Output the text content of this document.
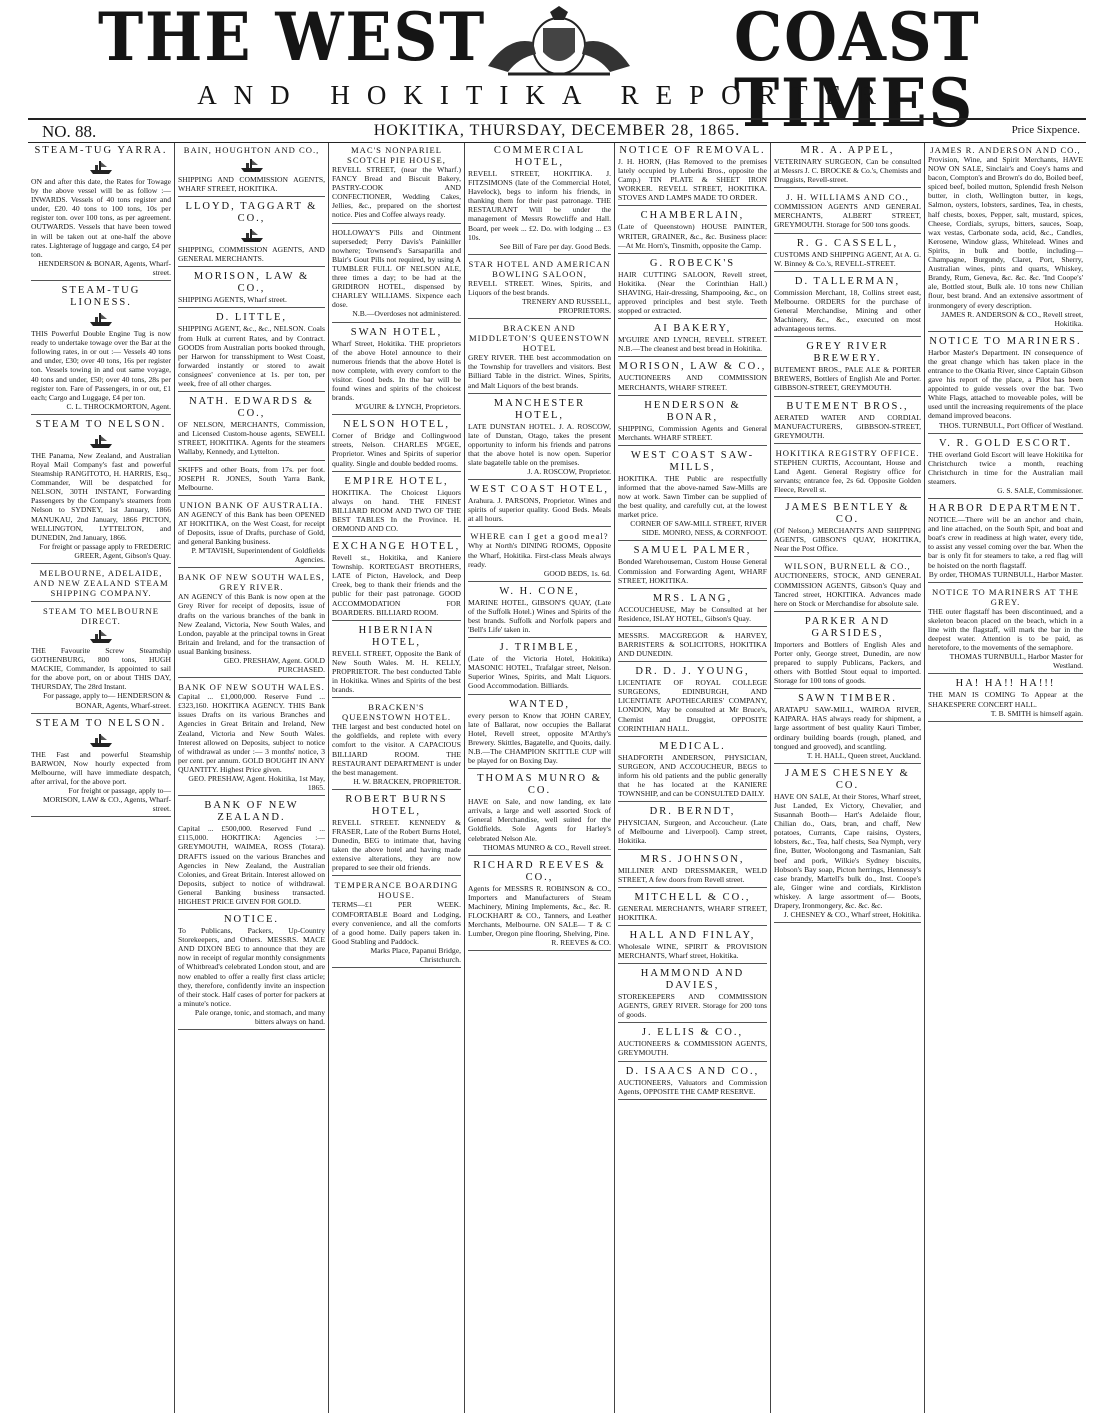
THE WEST	COAST TIMES
AND HOKITIKA REPORTER.
NO. 88.	HOKITIKA, THURSDAY, DECEMBER 28, 1865.	Price Sixpence.
STEAM-TUG YARRA.

ON and after this date, the Rates for Towage by the above vessel will be as follow :— INWARDS. Vessels of 40 tons register and under, £20. 40 tons to 100 tons, 10s per register ton. over 100 tons, as per agreement. OUTWARDS. Vessels that have been towed in will be taken out at one-half the above rates. Lighterage of luggage and cargo, £4 per ton.

HENDERSON & BONAR, Agents, Wharf-street.

STEAM-TUG LIONESS.

THIS Powerful Double Engine Tug is now ready to undertake towage over the Bar at the following rates, in or out :— Vessels 40 tons and under, £30; over 40 tons, 16s per register ton. Vessels towing in and out same voyage, 40 tons and under, £50; over 40 tons, 28s per register ton. Fare of Passengers, in or out, £1 each; Cargo and Luggage, £4 per ton.

C. L. THROCKMORTON, Agent.

STEAM TO NELSON.

THE Panama, New Zealand, and Australian Royal Mail Company's fast and powerful Steamship RANGITOTO, H. HARRIS, Esq., Commander, Will be despatched for NELSON, 30TH INSTANT, Forwarding Passengers by the Company's steamers from Nelson to SYDNEY, 1st January, 1866 MANUKAU, 2nd January, 1866 PICTON, WELLINGTON, LYTTELTON, and DUNEDIN, 2nd January, 1866.

For freight or passage apply to FREDERIC GREER, Agent, Gibson's Quay.

MELBOURNE, ADELAIDE, AND NEW ZEALAND STEAM SHIPPING COMPANY.
STEAM TO MELBOURNE DIRECT.

THE Favourite Screw Steamship GOTHENBURG, 800 tons, HUGH MACKIE, Commander, Is appointed to sail for the above port, on or about THIS DAY, THURSDAY, The 28rd Instant.

For passage, apply to— HENDERSON & BONAR, Agents, Wharf-street.

STEAM TO NELSON.

THE Fast and powerful Steamship BARWON, Now hourly expected from Melbourne, will have immediate despatch, after arrival, for the above port.

For freight or passage, apply to— MORISON, LAW & CO., Agents, Wharf-street.

BAIN, HOUGHTON AND CO.,

SHIPPING AND COMMISSION AGENTS, WHARF STREET, HOKITIKA.

LLOYD, TAGGART & CO.,

SHIPPING, COMMISSION AGENTS, AND GENERAL MERCHANTS.

MORISON, LAW & CO.,

SHIPPING AGENTS, Wharf street.

D. LITTLE,

SHIPPING AGENT, &c., &c., NELSON. Coals from Hulk at current Rates, and by Contract. GOODS from Australian ports booked through, per Harwon for transshipment to West Coast, forwarded instantly or stored to await consignees' convenience at 1s. per ton, per week, free of all other charges.

NATH. EDWARDS & CO.,

OF NELSON, MERCHANTS, Commission, and Licensed Custom-house agents, SEWELL STREET, HOKITIKA. Agents for the steamers Wallaby, Kennedy, and Lyttelton.

SKIFFS and other Boats, from 17s. per foot. JOSEPH R. JONES, South Yarra Bank, Melbourne.

UNION BANK OF AUSTRALIA.

AN AGENCY of this Bank has been OPENED AT HOKITIKA, on the West Coast, for receipt of Deposits, issue of Drafts, purchase of Gold, and general Banking business.

P. M'TAVISH, Superintendent of Goldfields Agencies.

BANK OF NEW SOUTH WALES, GREY RIVER.

AN AGENCY of this Bank is now open at the Grey River for receipt of deposits, issue of drafts on the various branches of the bank in New Zealand, Victoria, New South Wales, and London, payable at the principal towns in Great Britain and Ireland, and for the transaction of usual Banking business.

GEO. PRESHAW, Agent. GOLD PURCHASED.

BANK OF NEW SOUTH WALES.

Capital ... £1,000,000. Reserve Fund ... £323,160. HOKITIKA AGENCY. THIS Bank issues Drafts on its various Branches and Agencies in Great Britain and Ireland, New Zealand, Victoria and New South Wales. Interest allowed on Deposits, subject to notice of withdrawal as under :— 3 months' notice, 3 per cent. per annum. GOLD BOUGHT IN ANY QUANTITY. Highest Price given.

GEO. PRESHAW, Agent. Hokitika, 1st May, 1865.

BANK OF NEW ZEALAND.

Capital ... £500,000. Reserved Fund ... £115,000. HOKITIKA: Agencies :—GREYMOUTH, WAIMEA, ROSS (Totara). DRAFTS issued on the various Branches and Agencies in New Zealand, the Australian Colonies, and Great Britain. Interest allowed on Deposits, subject to notice of withdrawal. General Banking business transacted. HIGHEST PRICE GIVEN FOR GOLD.

NOTICE.

To Publicans, Packers, Up-Country Storekeepers, and Others. MESSRS. MACE AND DIXON BEG to announce that they are now in receipt of regular monthly consignments of Whitbread's celebrated London stout, and are now enabled to offer a really first class article; they, therefore, confidently invite an inspection of their stock. Half cases of porter for packers at a minute's notice.

Pale orange, tonic, and stomach, and many bitters always on hand.

MAC'S NONPARIEL SCOTCH PIE HOUSE,

REVELL STREET, (near the Wharf.) FANCY Bread and Biscuit Bakery, PASTRY-COOK AND CONFECTIONER, Wedding Cakes, Jellies, &c., prepared on the shortest notice. Pies and Coffee always ready.

HOLLOWAY'S Pills and Ointment superseded; Perry Davis's Painkiller nowhere; Townsend's Sarsaparilla and Blair's Gout Pills not required, by using A TUMBLER FULL OF NELSON ALE, three times a day; to be had at the GRIDIRON HOTEL, dispensed by CHARLEY WILLIAMS. Sixpence each dose.

N.B.—Overdoses not administered.

SWAN HOTEL,

Wharf Street, Hokitika. THE proprietors of the above Hotel announce to their numerous friends that the above Hotel is now complete, with every comfort to the visitor. Good beds. In the bar will be found wines and spirits of the choicest brands.

M'GUIRE & LYNCH, Proprietors.

NELSON HOTEL,

Corner of Bridge and Collingwood streets, Nelson. CHARLES M'GEE, Proprietor. Wines and Spirits of superior quality. Single and double bedded rooms.

EMPIRE HOTEL,

HOKITIKA. The Choicest Liquors always on hand. THE FINEST BILLIARD ROOM AND TWO OF THE BEST TABLES In the Province. H. ORMOND AND CO.

EXCHANGE HOTEL,

Revell st., Hokitika, and Kaniere Township. KORTEGAST BROTHERS, LATE of Picton, Havelock, and Deep Creek, beg to thank their friends and the public for their past patronage. GOOD ACCOMMODATION FOR BOARDERS. BILLIARD ROOM.

HIBERNIAN HOTEL,

REVELL STREET, Opposite the Bank of New South Wales. M. H. KELLY, PROPRIETOR. The best conducted Table in Hokitika. Wines and Spirits of the best brands.

BRACKEN'S QUEENSTOWN HOTEL.

THE largest and best conducted hotel on the goldfields, and replete with every comfort to the visitor. A CAPACIOUS BILLIARD ROOM. THE RESTAURANT DEPARTMENT is under the best management.

H. W. BRACKEN, PROPRIETOR.

ROBERT BURNS HOTEL,

REVELL STREET. KENNEDY & FRASER, Late of the Robert Burns Hotel, Dunedin, BEG to intimate that, having taken the above hotel and having made extensive alterations, they are now prepared to see their old friends.

TEMPERANCE BOARDING HOUSE.

TERMS—£1 PER WEEK. COMFORTABLE Board and Lodging, every convenience, and all the comforts of a good home. Daily papers taken in. Good Stabling and Paddock.

Marks Place, Papanui Bridge, Christchurch.

COMMERCIAL HOTEL,

REVELL STREET, HOKITIKA. J. FITZSIMONS (late of the Commercial Hotel, Havelock), begs to inform his friends, in thanking them for their past patronage. THE RESTAURANT Will be under the management of Messrs Rowcliffe and Hall. Board, per week ... £2. Do. with lodging ... £3 10s.

See Bill of Fare per day. Good Beds.

STAR HOTEL AND AMERICAN BOWLING SALOON,

REVELL STREET. Wines, Spirits, and Liquors of the best brands.

TRENERY AND RUSSELL, PROPRIETORS.

BRACKEN AND MIDDLETON'S QUEENSTOWN HOTEL

GREY RIVER. THE best accommodation on the Township for travellers and visitors. Best Billiard Table in the district. Wines, Spirits, and Malt Liquors of the best brands.

MANCHESTER HOTEL,

LATE DUNSTAN HOTEL. J. A. ROSCOW, late of Dunstan, Otago, takes the present opportunity to inform his friends and patrons that the above hotel is now open. Superior slate bagatelle table on the premises.

J. A. ROSCOW, Proprietor.

WEST COAST HOTEL,

Arahura. J. PARSONS, Proprietor. Wines and spirits of superior quality. Good Beds. Meals at all hours.

WHERE can I get a good meal?

Why at North's DINING ROOMS, Opposite the Wharf, Hokitika. First-class Meals always ready.

GOOD BEDS, 1s. 6d.

W. H. CONE,

MARINE HOTEL, GIBSON'S QUAY, (Late of the Suffolk Hotel.) Wines and Spirits of the best brands. Suffolk and Norfolk papers and 'Bell's Life' taken in.

J. TRIMBLE,

(Late of the Victoria Hotel, Hokitika) MASONIC HOTEL, Trafalgar street, Nelson. Superior Wines, Spirits, and Malt Liquors. Good Accommodation. Billiards.

WANTED,

every person to Know that JOHN CAREY, late of Ballarat, now occupies the Ballarat Hotel, Revell street, opposite M'Arthy's Brewery. Skittles, Bagatelle, and Quoits, daily. N.B.—The CHAMPION SKITTLE CUP will be played for on Boxing Day.

THOMAS MUNRO & CO.

HAVE on Sale, and now landing, ex late arrivals, a large and well assorted Stock of General Merchandise, well suited for the Goldfields. Sole Agents for Harley's celebrated Nelson Ale.

THOMAS MUNRO & CO., Revell street.

RICHARD REEVES & CO.,

Agents for MESSRS R. ROBINSON & CO., Importers and Manufacturers of Steam Machinery, Mining Implements, &c., &c. R. FLOCKHART & CO., Tanners, and Leather Merchants, Melbourne. ON SALE— T & C Lumber, Oregon pine flooring, Shelving, Pine.

R. REEVES & CO.

NOTICE OF REMOVAL.

J. H. HORN, (Has Removed to the premises lately occupied by Luberki Bros., opposite the Camp.) TIN PLATE & SHEET IRON WORKER. REVELL STREET, HOKITIKA. STOVES AND LAMPS MADE TO ORDER.

CHAMBERLAIN,

(Late of Queenstown) HOUSE PAINTER, WRITER, GRAINER, &c., &c. Business place:—At Mr. Horn's, Tinsmith, opposite the Camp.

G. ROBECK'S

HAIR CUTTING SALOON, Revell street, Hokitika. (Near the Corinthian Hall.) SHAVING, Hair-dressing, Shampooing, &c., on approved principles and best style. Teeth stopped or extracted.

AI BAKERY,

M'GUIRE AND LYNCH, REVELL STREET. N.B.—The cleanest and best bread in Hokitika.

MORISON, LAW & CO.,

AUCTIONEERS AND COMMISSION MERCHANTS, WHARF STREET.

HENDERSON & BONAR,

SHIPPING, Commission Agents and General Merchants. WHARF STREET.

WEST COAST SAW-MILLS,

HOKITIKA. THE Public are respectfully informed that the above-named Saw-Mills are now at work. Sawn Timber can be supplied of the best quality, and carefully cut, at the lowest market price.

CORNER OF SAW-MILL STREET, RIVER SIDE. MONRO, NESS, & CORNFOOT.

SAMUEL PALMER,

Bonded Warehouseman, Custom House General Commission and Forwarding Agent, WHARF STREET, HOKITIKA.

MRS. LANG,

ACCOUCHEUSE, May be Consulted at her Residence, ISLAY HOTEL, Gibson's Quay.

MESSRS. MACGREGOR & HARVEY, BARRISTERS & SOLICITORS, HOKITIKA AND DUNEDIN.

DR. D. J. YOUNG,

LICENTIATE OF ROYAL COLLEGE SURGEONS, EDINBURGH, AND LICENTIATE APOTHECARIES' COMPANY, LONDON, May be consulted at Mr Bruce's, Chemist and Druggist, OPPOSITE CORINTHIAN HALL.

MEDICAL.

SHADFORTH ANDERSON, PHYSICIAN, SURGEON, AND ACCOUCHEUR, BEGS to inform his old patients and the public generally that he has located at the KANIERE TOWNSHIP, and can be CONSULTED DAILY.

DR. BERNDT,

PHYSICIAN, Surgeon, and Accoucheur. (Late of Melbourne and Liverpool). Camp street, Hokitika.

MRS. JOHNSON,

MILLINER AND DRESSMAKER, WELD STREET, A few doors from Revell street.

MITCHELL & CO.,

GENERAL MERCHANTS, WHARF STREET, HOKITIKA.

HALL AND FINLAY,

Wholesale WINE, SPIRIT & PROVISION MERCHANTS, Wharf street, Hokitika.

HAMMOND AND DAVIES,

STOREKEEPERS AND COMMISSION AGENTS, GREY RIVER. Storage for 200 tons of goods.

J. ELLIS & CO.,

AUCTIONEERS & COMMISSION AGENTS, GREYMOUTH.

D. ISAACS AND CO.,

AUCTIONEERS, Valuators and Commission Agents, OPPOSITE THE CAMP RESERVE.

MR. A. APPEL,

VETERINARY SURGEON, Can be consulted at Messrs J. C. BROCKE & Co.'s, Chemists and Druggists, Revell-street.

J. H. WILLIAMS AND CO.,

COMMISSION AGENTS AND GENERAL MERCHANTS, ALBERT STREET, GREYMOUTH. Storage for 500 tons goods.

R. G. CASSELL,

CUSTOMS AND SHIPPING AGENT, At A. G. W. Binney & Co.'s, REVELL-STREET.

D. TALLERMAN,

Commission Merchant, 18, Collins street east, Melbourne. ORDERS for the purchase of General Merchandise, Mining and other Machinery, &c., &c., executed on most advantageous terms.

GREY RIVER BREWERY.

BUTEMENT BROS., PALE ALE & PORTER BREWERS, Bottlers of English Ale and Porter. GIBBSON-STREET, GREYMOUTH.

BUTEMENT BROS.,

AERATED WATER AND CORDIAL MANUFACTURERS, GIBBSON-STREET, GREYMOUTH.

HOKITIKA REGISTRY OFFICE.

STEPHEN CURTIS, Accountant, House and Land Agent. General Registry office for servants; entrance fee, 2s 6d. Opposite Golden Fleece, Revell st.

JAMES BENTLEY & CO.

(Of Nelson,) MERCHANTS AND SHIPPING AGENTS, GIBSON'S QUAY, HOKITIKA, Near the Post Office.

WILSON, BURNELL & CO.,

AUCTIONEERS, STOCK, AND GENERAL COMMISSION AGENTS, Gibson's Quay and Tancred street, HOKITIKA. Advances made here on Stock or Merchandise for absolute sale.

PARKER AND GARSIDES,

Importers and Bottlers of English Ales and Porter only, George street, Dunedin, are now prepared to supply Publicans, Packers, and others with Bottled Stout equal to imported. Storage for 100 tons of goods.

SAWN TIMBER.

ARATAPU SAW-MILL, WAIROA RIVER, KAIPARA. HAS always ready for shipment, a large assortment of best quality Kauri Timber, ordinary building boards (rough, planed, and tongued and grooved), and scantling.

T. H. HALL, Queen street, Auckland.

JAMES CHESNEY & CO.

HAVE ON SALE, At their Stores, Wharf street, Just Landed, Ex Victory, Chevalier, and Susannah Booth— Hart's Adelaide flour, Chilian do., Oats, bran, and chaff, New potatoes, Currants, Cape raisins, Oysters, lobsters, &c., Tea, half chests, Sea Nymph, very fine, Butter, Woolongong and Tasmanian, Salt beef and pork, Wilkie's Sydney biscuits, Hobson's Bay soap, Picton herrings, Hennessy's case brandy, Martell's bulk do., Inst. Coope's ale, Ginger wine and cordials, Kirkliston whiskey. A large assortment of— Boots, Drapery, Ironmongery, &c. &c. &c.

J. CHESNEY & CO., Wharf street, Hokitika.

JAMES R. ANDERSON AND CO.,

Provision, Wine, and Spirit Merchants, HAVE NOW ON SALE, Sinclair's and Coey's hams and bacon, Compton's and Brown's do do, Boiled beef, spiced beef, boiled mutton, Splendid fresh Nelson butter, in cloth, Wellington butter, in kegs, Salmon, oysters, lobsters, sardines, Tea, in chests, half chests, boxes, Pepper, salt, mustard, spices, Cheese, Cordials, syrups, bitters, sauces, Soap, wax vestas, Carbonate soda, acid, &c., Candles, Kerosene, Window glass, Whitelead. Wines and Spirits, in bulk and bottle, including— Champagne, Burgundy, Claret, Port, Sherry, Australian wines, pints and quarts, Whiskey, Brandy, Rum, Geneva, &c. &c. &c. 'Ind Coope's' ale, Bottled stout, Bulk ale. 10 tons new Chilian flour, best brand. And an extensive assortment of ironmongery of every description.

JAMES R. ANDERSON & CO., Revell street, Hokitika.

NOTICE TO MARINERS.

Harbor Master's Department. IN consequence of the great change which has taken place in the entrance to the Okatia River, since Captain Gibson gave his report of the place, a Pilot has been appointed to guide vessels over the bar. Two White Flags, attached to moveable poles, will be used until the increasing requirements of the place demand improved beacons.

THOS. TURNBULL, Port Officer of Westland.

V. R. GOLD ESCORT.

THE overland Gold Escort will leave Hokitika for Christchurch twice a month, reaching Christchurch in time for the Australian mail steamers.

G. S. SALE, Commissioner.

HARBOR DEPARTMENT.

NOTICE.—There will be an anchor and chain, and line attached, on the South Spit, and boat and boat's crew in readiness at high water, every tide, to assist any vessel coming over the bar. When the bar is only fit for steamers to take, a red flag will be hoisted on the north flagstaff.

By order, THOMAS TURNBULL, Harbor Master.

NOTICE TO MARINERS AT THE GREY.

THE outer flagstaff has been discontinued, and a skeleton beacon placed on the beach, which in a line with the flagstaff, will mark the bar in the deepest water. Attention is to be paid, as heretofore, to the movements of the semaphore.

THOMAS TURNBULL, Harbor Master for Westland.

HA! HA!! HA!!!

THE MAN IS COMING To Appear at the SHAKESPERE CONCERT HALL.

T. B. SMITH is himself again.
